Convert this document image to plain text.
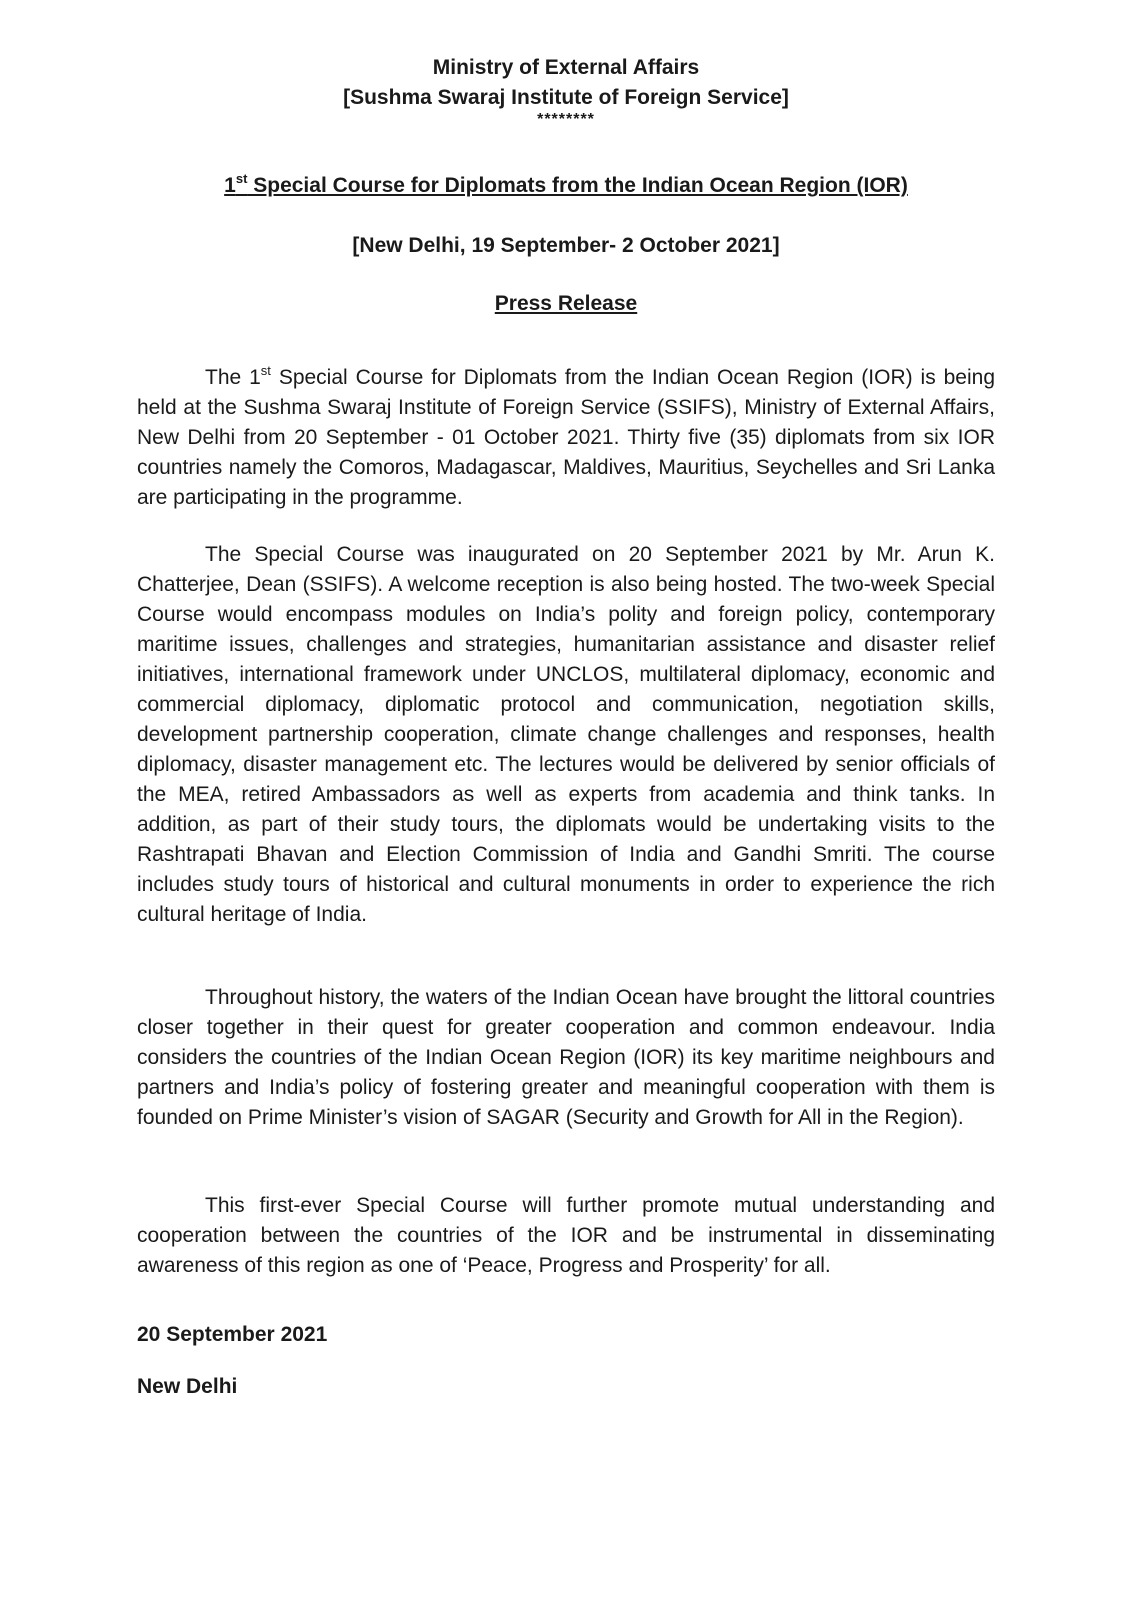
Ministry of External Affairs
[Sushma Swaraj Institute of Foreign Service]
********
1st Special Course for Diplomats from the Indian Ocean Region (IOR)
[New Delhi, 19 September- 2 October 2021]
Press Release

The 1st Special Course for Diplomats from the Indian Ocean Region (IOR) is being held at the Sushma Swaraj Institute of Foreign Service (SSIFS), Ministry of External Affairs, New Delhi from 20 September - 01 October 2021. Thirty five (35) diplomats from six IOR countries namely the Comoros, Madagascar, Maldives, Mauritius, Seychelles and Sri Lanka are participating in the programme.

The Special Course was inaugurated on 20 September 2021 by Mr. Arun K. Chatterjee, Dean (SSIFS). A welcome reception is also being hosted. The two-week Special Course would encompass modules on India’s polity and foreign policy, contemporary maritime issues, challenges and strategies, humanitarian assistance and disaster relief initiatives, international framework under UNCLOS, multilateral diplomacy, economic and commercial diplomacy, diplomatic protocol and communication, negotiation skills, development partnership cooperation, climate change challenges and responses, health diplomacy, disaster management etc. The lectures would be delivered by senior officials of the MEA, retired Ambassadors as well as experts from academia and think tanks. In addition, as part of their study tours, the diplomats would be undertaking visits to the Rashtrapati Bhavan and Election Commission of India and Gandhi Smriti. The course includes study tours of historical and cultural monuments in order to experience the rich cultural heritage of India.

Throughout history, the waters of the Indian Ocean have brought the littoral countries closer together in their quest for greater cooperation and common endeavour. India considers the countries of the Indian Ocean Region (IOR) its key maritime neighbours and partners and India’s policy of fostering greater and meaningful cooperation with them is founded on Prime Minister’s vision of SAGAR (Security and Growth for All in the Region).

This first-ever Special Course will further promote mutual understanding and cooperation between the countries of the IOR and be instrumental in disseminating awareness of this region as one of ‘Peace, Progress and Prosperity’ for all.

20 September 2021
New Delhi
